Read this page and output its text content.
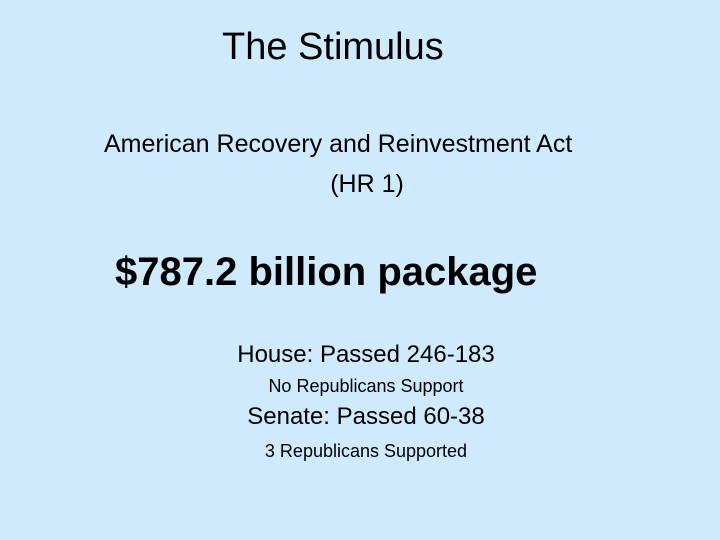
The Stimulus
American Recovery and Reinvestment Act
(HR 1)
$787.2 billion package
House: Passed 246-183
No Republicans Support
Senate: Passed 60-38
3 Republicans Supported
